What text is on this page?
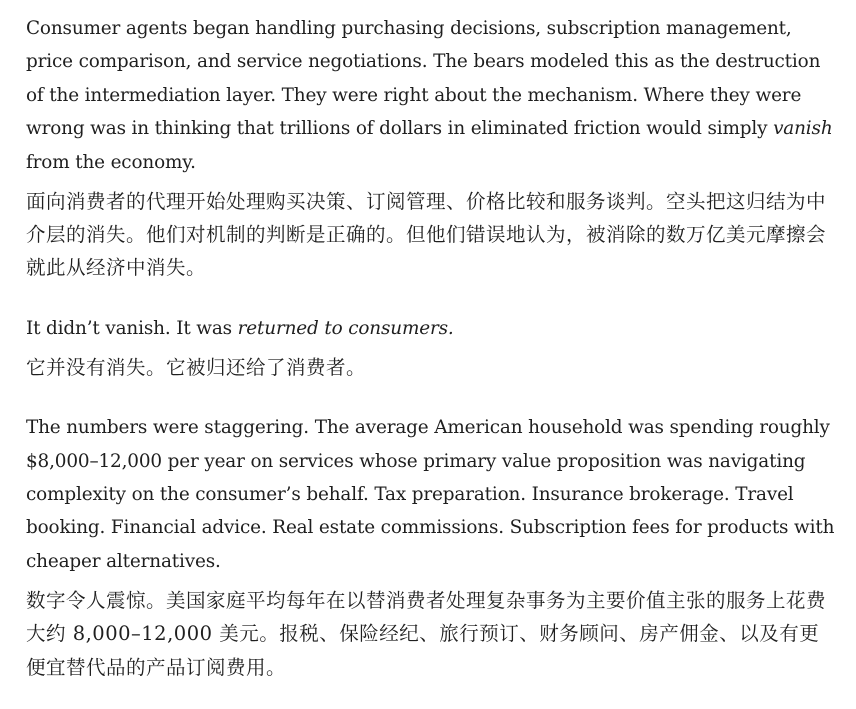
Consumer agents began handling purchasing decisions, subscription management, price comparison, and service negotiations. The bears modeled this as the destruction of the intermediation layer. They were right about the mechanism. Where they were wrong was in thinking that trillions of dollars in eliminated friction would simply vanish from the economy.

面向消费者的代理开始处理购买决策、订阅管理、价格比较和服务谈判。空头把这归结为中介层的消失。他们对机制的判断是正确的。但他们错误地认为，被消除的数万亿美元摩擦会就此从经济中消失。

It didn’t vanish. It was returned to consumers.

它并没有消失。它被归还给了消费者。

The numbers were staggering. The average American household was spending roughly $8,000–12,000 per year on services whose primary value proposition was navigating complexity on the consumer’s behalf. Tax preparation. Insurance brokerage. Travel booking. Financial advice. Real estate commissions. Subscription fees for products with cheaper alternatives.

数字令人震惊。美国家庭平均每年在以替消费者处理复杂事务为主要价值主张的服务上花费大约 8,000–12,000 美元。报税、保险经纪、旅行预订、财务顾问、房产佣金、以及有更便宜替代品的产品订阅费用。
